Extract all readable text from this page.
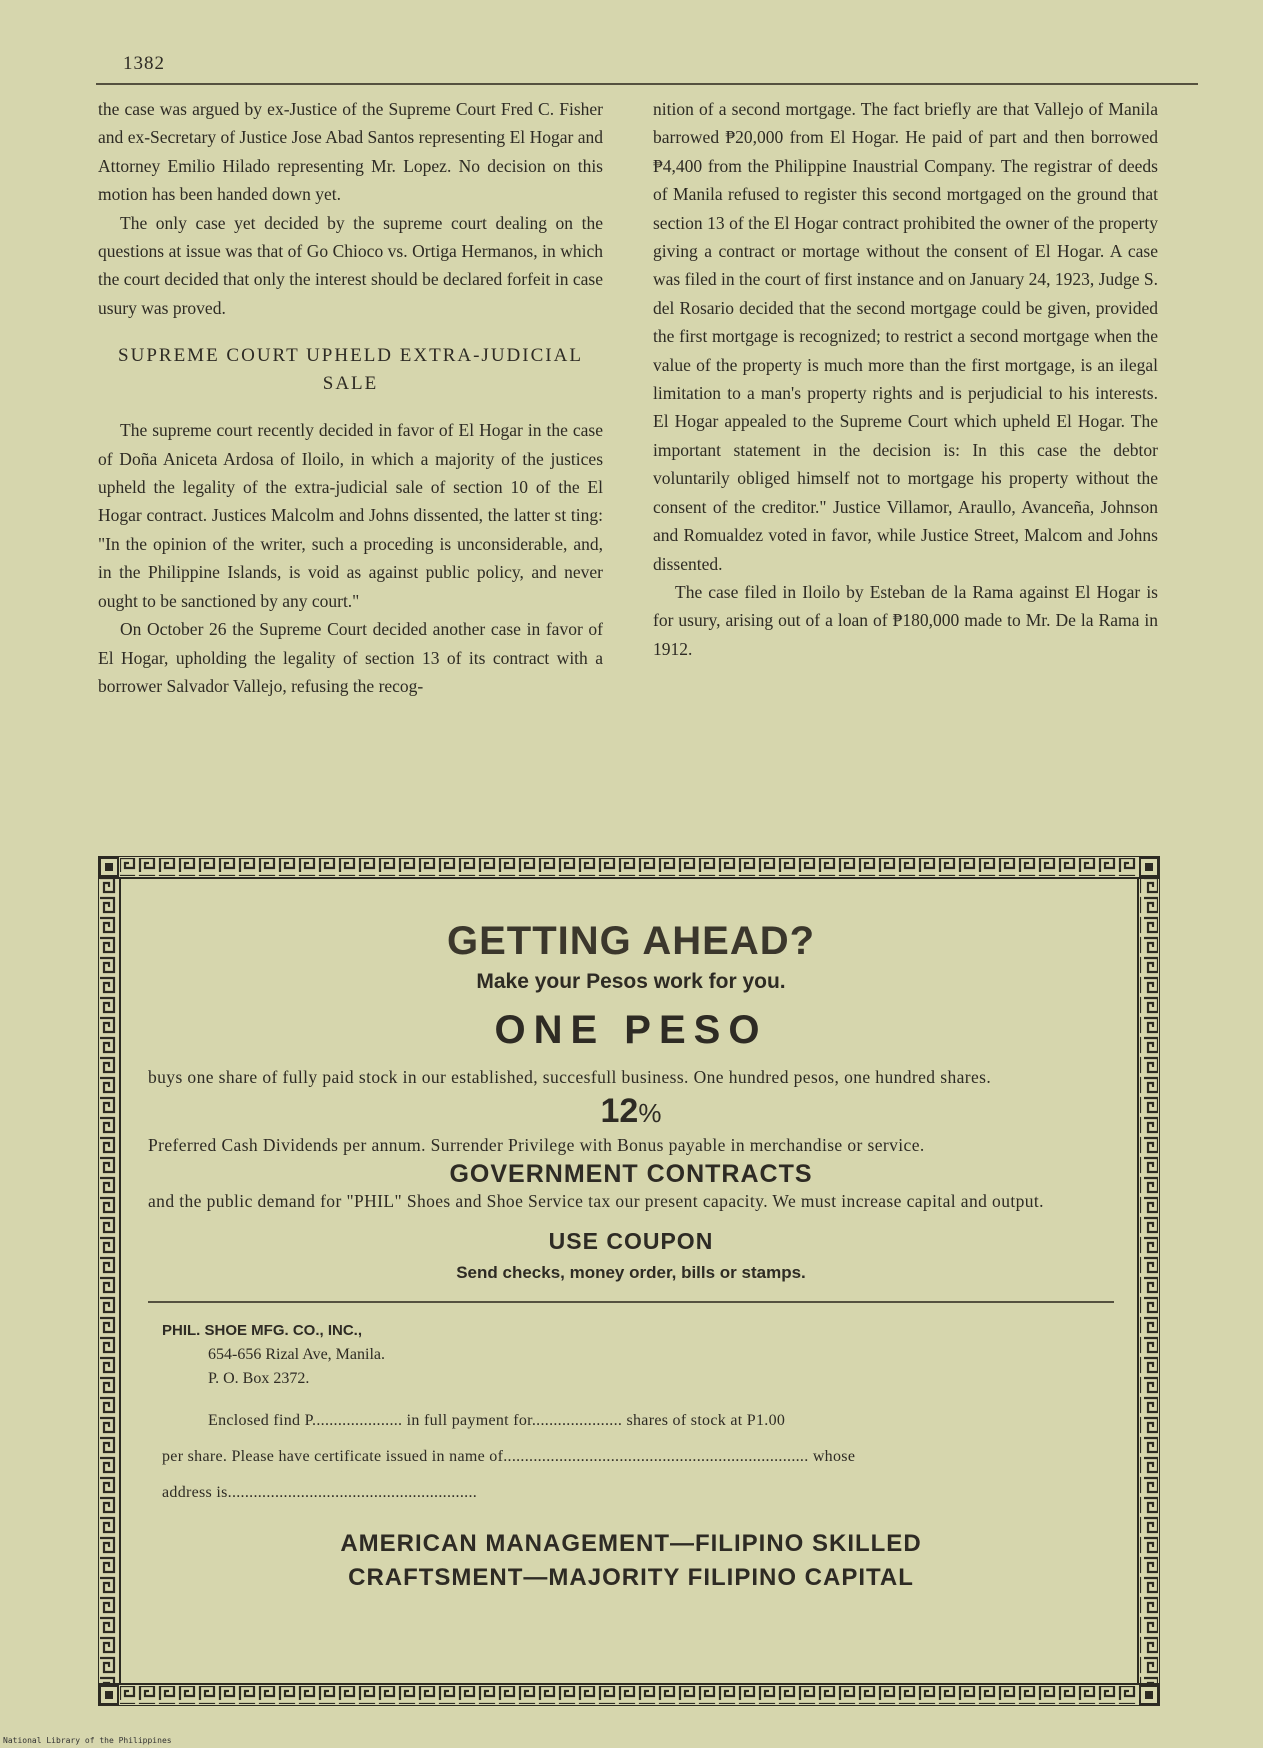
1382

the case was argued by ex-Justice of the Supreme Court Fred C. Fisher and ex-Secretary of Justice Jose Abad Santos representing El Hogar and Attorney Emilio Hilado representing Mr. Lopez. No decision on this motion has been handed down yet.

The only case yet decided by the supreme court dealing on the questions at issue was that of Go Chioco vs. Ortiga Hermanos, in which the court decided that only the interest should be declared forfeit in case usury was proved.

SUPREME COURT UPHELD EXTRA-JUDICIAL SALE

The supreme court recently decided in favor of El Hogar in the case of Doña Aniceta Ardosa of Iloilo, in which a majority of the justices upheld the legality of the extra-judicial sale of section 10 of the El Hogar contract. Justices Malcolm and Johns dissented, the latter st ting: "In the opinion of the writer, such a proceding is unconsiderable, and, in the Philippine Islands, is void as against public policy, and never ought to be sanctioned by any court."

On October 26 the Supreme Court decided another case in favor of El Hogar, upholding the legality of section 13 of its contract with a borrower Salvador Vallejo, refusing the recog-

nition of a second mortgage. The fact briefly are that Vallejo of Manila barrowed ₱20,000 from El Hogar. He paid of part and then borrowed ₱4,400 from the Philippine Inaustrial Company. The registrar of deeds of Manila refused to register this second mortgaged on the ground that section 13 of the El Hogar contract prohibited the owner of the property giving a contract or mortage without the consent of El Hogar. A case was filed in the court of first instance and on January 24, 1923, Judge S. del Rosario decided that the second mortgage could be given, provided the first mortgage is recognized; to restrict a second mortgage when the value of the property is much more than the first mortgage, is an ilegal limitation to a man's property rights and is perjudicial to his interests. El Hogar appealed to the Supreme Court which upheld El Hogar. The important statement in the decision is: In this case the debtor voluntarily obliged himself not to mortgage his property without the consent of the creditor." Justice Villamor, Araullo, Avanceña, Johnson and Romualdez voted in favor, while Justice Street, Malcom and Johns dissented.

The case filed in Iloilo by Esteban de la Rama against El Hogar is for usury, arising out of a loan of ₱180,000 made to Mr. De la Rama in 1912.

GETTING AHEAD?
Make your Pesos work for you.
ONE PESO
buys one share of fully paid stock in our established, succesfull business. One hundred pesos, one hundred shares.
12%
Preferred Cash Dividends per annum. Surrender Privilege with Bonus payable in merchandise or service.
GOVERNMENT CONTRACTS
and the public demand for "PHIL" Shoes and Shoe Service tax our present capacity. We must increase capital and output.
USE COUPON
Send checks, money order, bills or stamps.
PHIL. SHOE MFG. CO., INC.,
654-656 Rizal Ave, Manila.
P. O. Box 2372.
Enclosed find P..................... in full payment for..................... shares of stock at P1.00
per share. Please have certificate issued in name of....................................................................... whose
address is..........................................................
AMERICAN MANAGEMENT—FILIPINO SKILLED
CRAFTSMENT—MAJORITY FILIPINO CAPITAL
National Library of the Philippines
